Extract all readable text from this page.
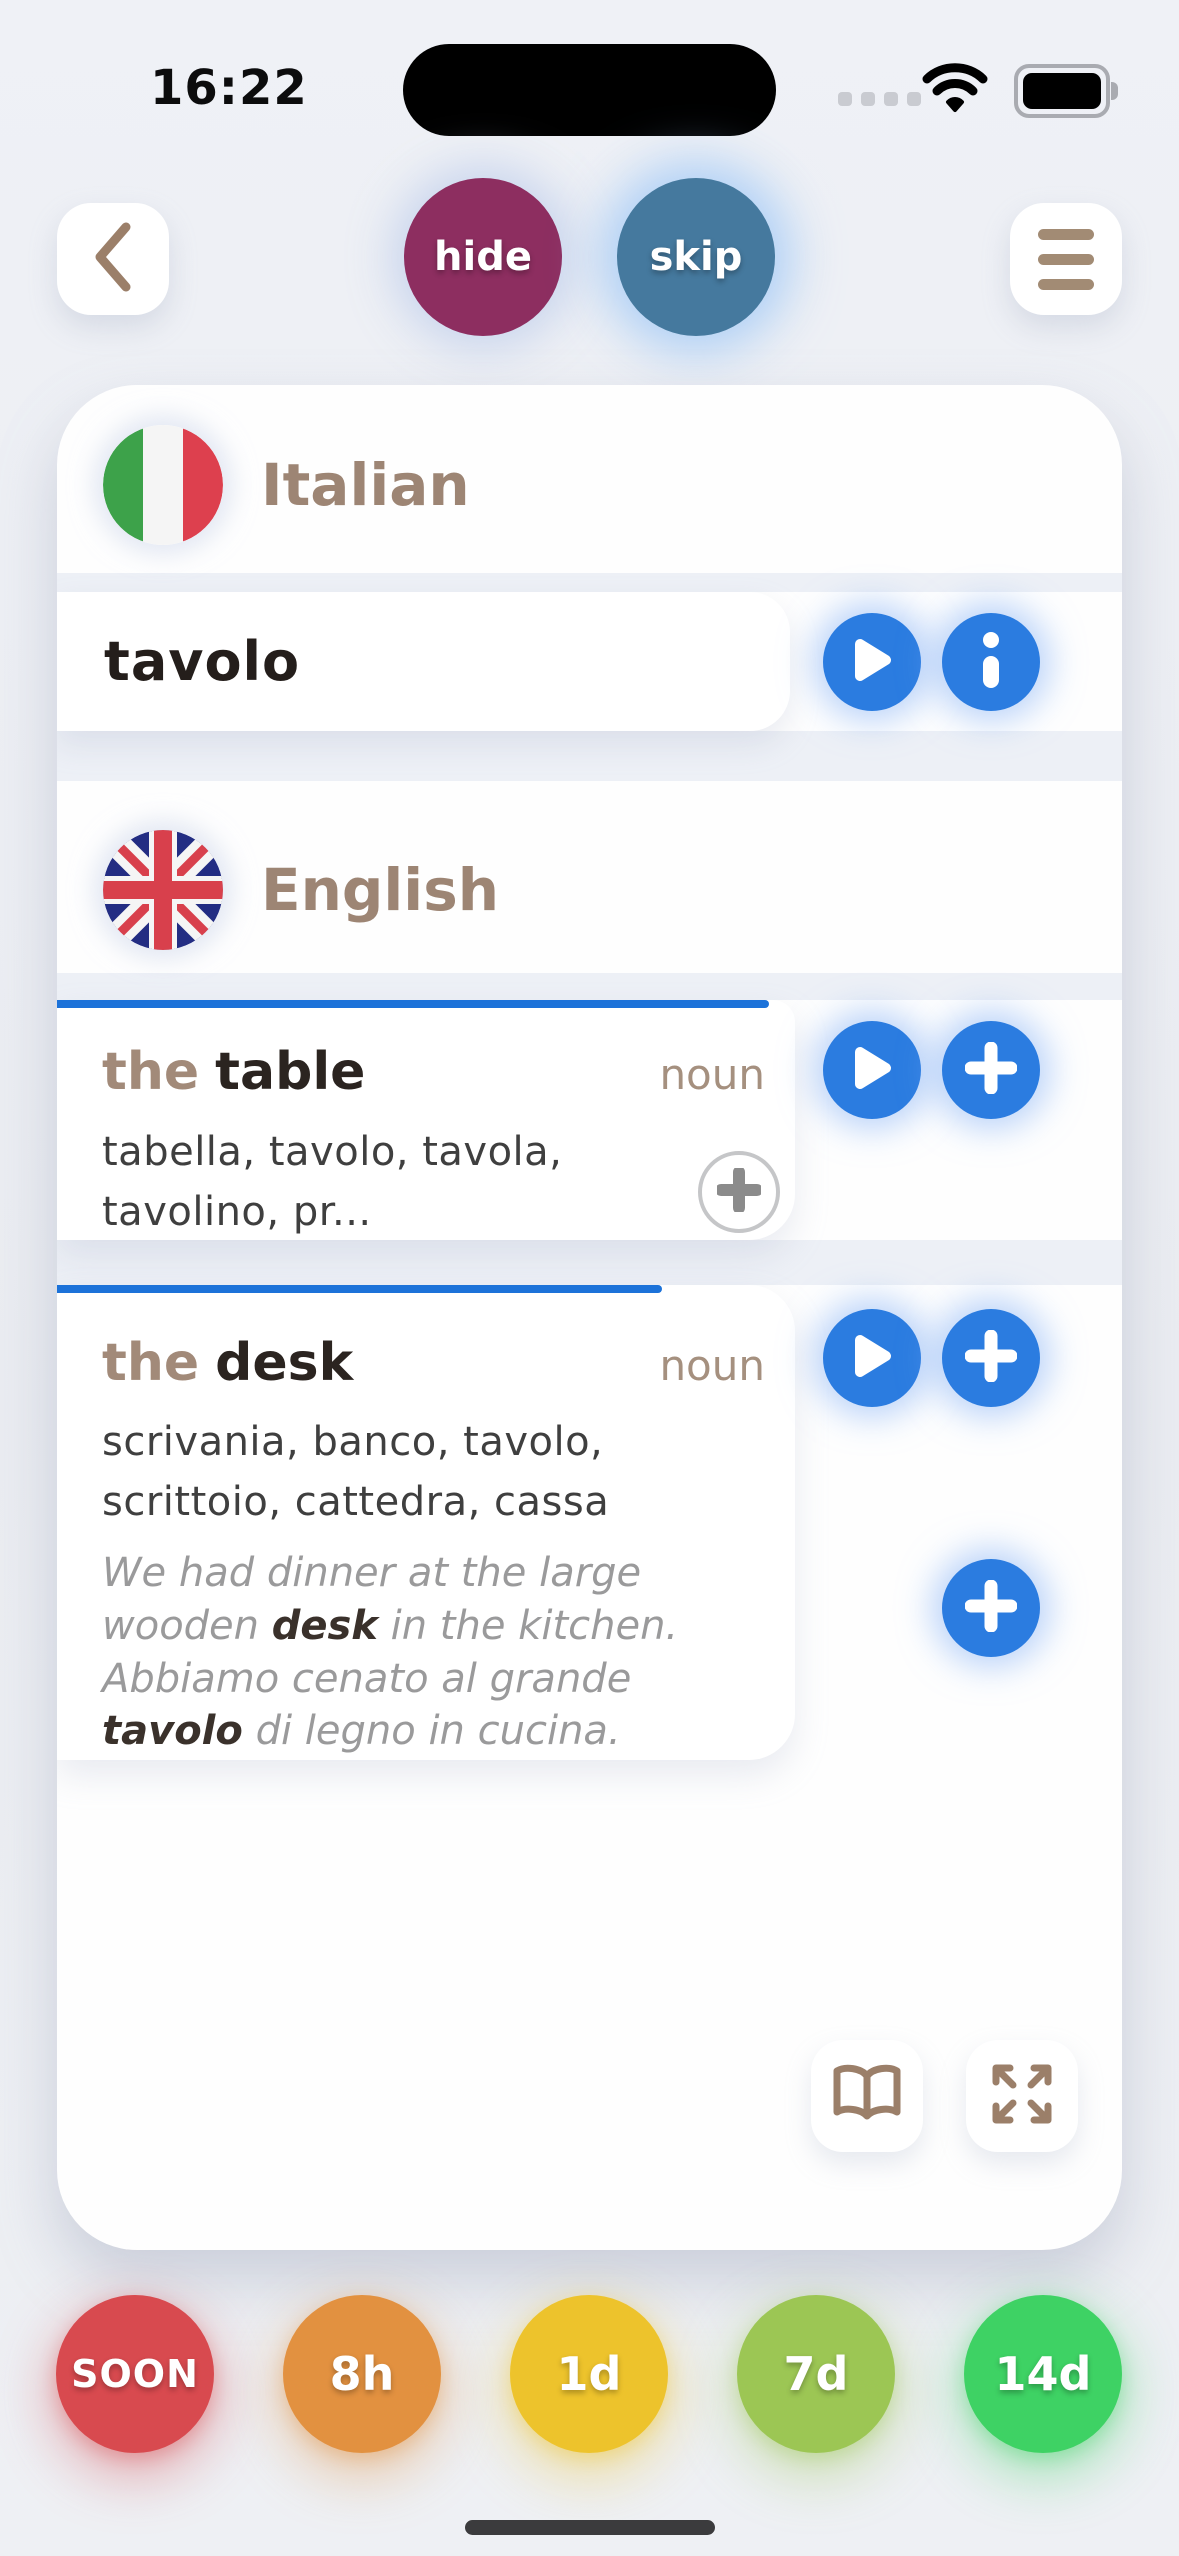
16:22
hide	skip
Italian
tavolo
English
the table	noun
tabella, tavolo, tavola, tavolino, pr...
the desk	noun
scrivania, banco, tavolo, scrittoio, cattedra, cassa

We had dinner at the large wooden desk in the kitchen.

Abbiamo cenato al grande tavolo di legno in cucina.

SOON	8h	1d	7d	14d
